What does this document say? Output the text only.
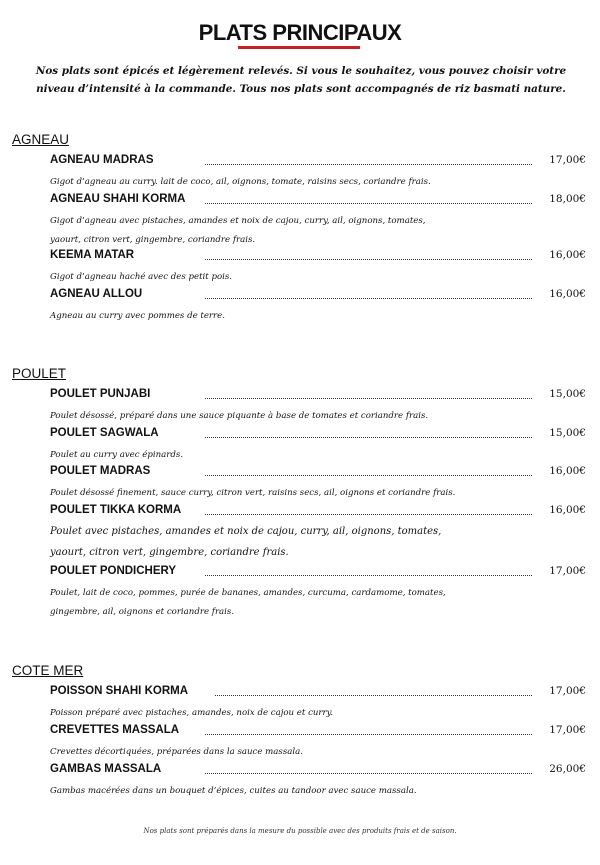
PLATS PRINCIPAUX
Nos plats sont épicés et légèrement relevés. Si vous le souhaitez, vous pouvez choisir votre niveau d’intensité à la commande. Tous nos plats sont accompagnés de riz basmati nature.
AGNEAU
AGNEAU MADRAS	17,00€
Gigot d’agneau au curry. lait de coco, ail, oignons, tomate, raisins secs, coriandre frais.
AGNEAU SHAHI KORMA	18,00€
Gigot d’agneau avec pistaches, amandes et noix de cajou, curry, ail, oignons, tomates, yaourt, citron vert, gingembre, coriandre frais.
KEEMA MATAR	16,00€
Gigot d’agneau haché avec des petit pois.
AGNEAU ALLOU	16,00€
Agneau au curry avec pommes de terre.
POULET
POULET PUNJABI	15,00€
Poulet désossé, préparé dans une sauce piquante à base de tomates et coriandre frais.
POULET SAGWALA	15,00€
Poulet au curry avec épinards.
POULET MADRAS	16,00€
Poulet désossé finement, sauce curry, citron vert, raisins secs, ail, oignons et coriandre frais.
POULET TIKKA KORMA	16,00€
Poulet avec pistaches, amandes et noix de cajou, curry, ail, oignons, tomates, yaourt, citron vert, gingembre, coriandre frais.
POULET PONDICHERY	17,00€
Poulet, lait de coco, pommes, purée de bananes, amandes, curcuma, cardamome, tomates, gingembre, ail, oignons et coriandre frais.
COTE MER
POISSON SHAHI KORMA	17,00€
Poisson préparé avec pistaches, amandes, noix de cajou et curry.
CREVETTES MASSALA	17,00€
Crevettes décortiquées, préparées dans la sauce massala.
GAMBAS MASSALA	26,00€
Gambas macérées dans un bouquet d’épices, cuites au tandoor avec sauce massala.
Nos plats sont préparés dans la mesure du possible avec des produits frais et de saison.
